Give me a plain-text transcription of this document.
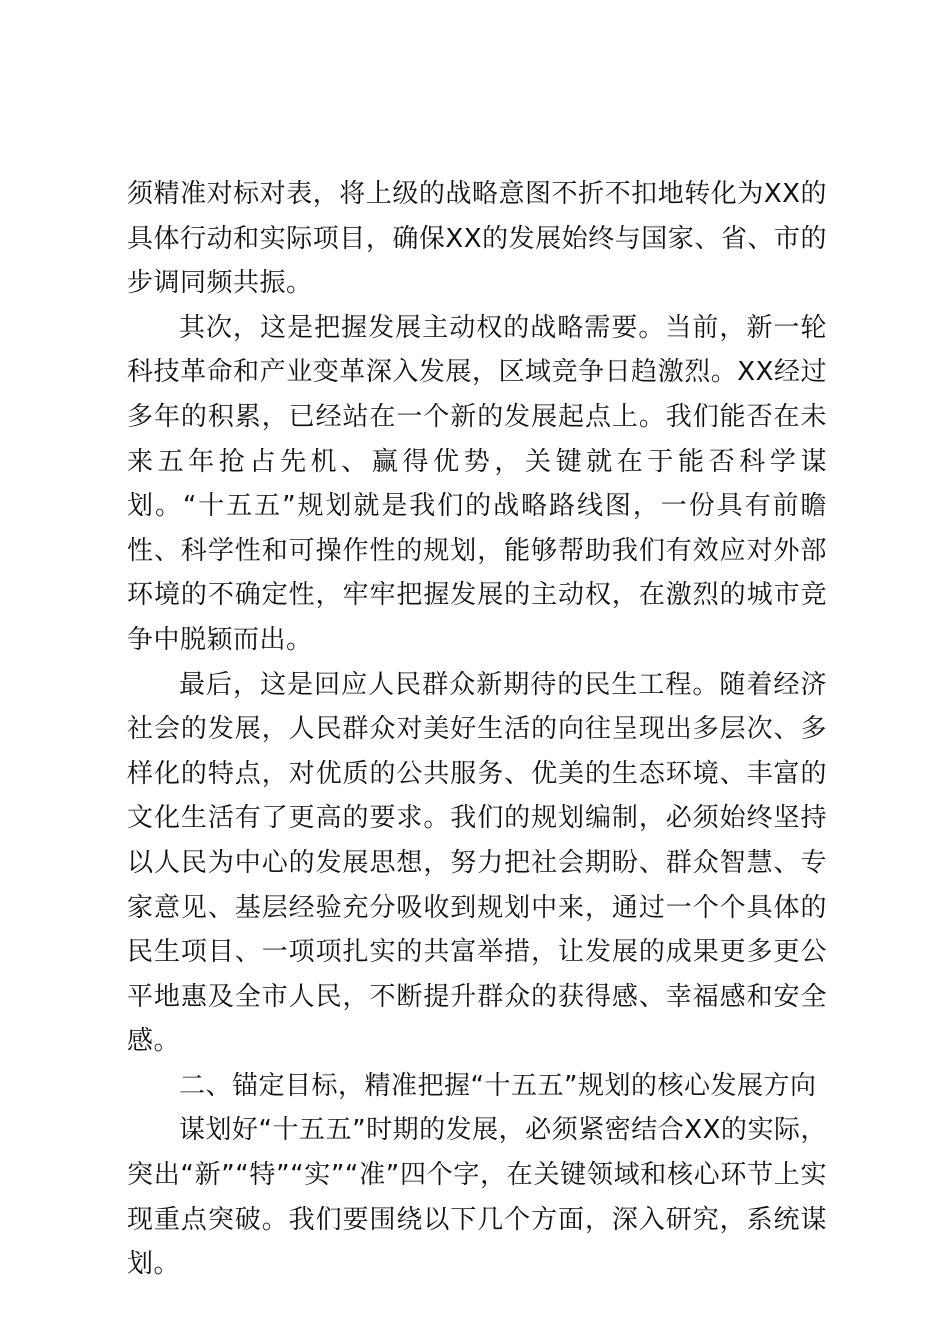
须精准对标对表，将上级的战略意图不折不扣地转化为XX的具体行动和实际项目，确保XX的发展始终与国家、省、市的步调同频共振。

其次，这是把握发展主动权的战略需要。当前，新一轮科技革命和产业变革深入发展，区域竞争日趋激烈。XX经过多年的积累，已经站在一个新的发展起点上。我们能否在未来五年抢占先机、赢得优势，关键就在于能否科学谋划。“十五五”规划就是我们的战略路线图，一份具有前瞻性、科学性和可操作性的规划，能够帮助我们有效应对外部环境的不确定性，牢牢把握发展的主动权，在激烈的城市竞争中脱颖而出。

最后，这是回应人民群众新期待的民生工程。随着经济社会的发展，人民群众对美好生活的向往呈现出多层次、多样化的特点，对优质的公共服务、优美的生态环境、丰富的文化生活有了更高的要求。我们的规划编制，必须始终坚持以人民为中心的发展思想，努力把社会期盼、群众智慧、专家意见、基层经验充分吸收到规划中来，通过一个个具体的民生项目、一项项扎实的共富举措，让发展的成果更多更公平地惠及全市人民，不断提升群众的获得感、幸福感和安全感。

二、锚定目标，精准把握“十五五”规划的核心发展方向

谋划好“十五五”时期的发展，必须紧密结合XX的实际，突出“新”“特”“实”“准”四个字，在关键领域和核心环节上实现重点突破。我们要围绕以下几个方面，深入研究，系统谋划。
